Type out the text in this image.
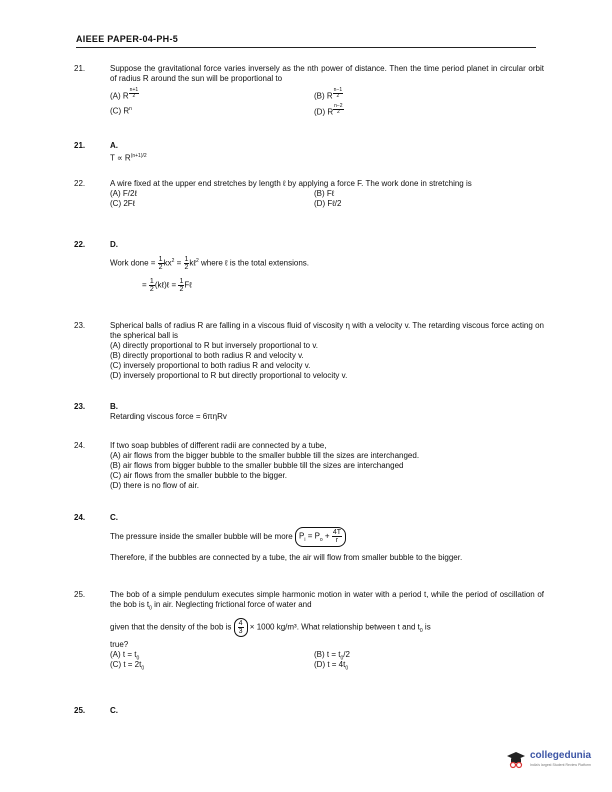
AIEEE PAPER-04-PH-5
21.	Suppose the gravitational force varies inversely as the nth power of distance. Then the time period planet in circular orbit of radius R around the sun will be proportional to
(A) R $^{\frac{n+1}{2}}$	(B) R $^{\frac{n-1}{2}}$
(C) $R^n$	(D) R $^{\frac{n-2}{2}}$
21.	A.
$T \propto R^{(n+1)/2}$
22.	A wire fixed at the upper end stretches by length ℓ by applying a force F. The work done in stretching is
(A) F/2ℓ	(B) Fℓ
(C) 2Fℓ	(D) Fℓ/2
22.	D.
Work done = $\frac{1}{2} kx^2 = \frac{1}{2}$ kℓ$^2$ where ℓ is the total extensions.
= $\frac{1}{2}$ (kℓ)ℓ = $\frac{1}{2}$ Fℓ
23.	Spherical balls of radius R are falling in a viscous fluid of viscosity η with a velocity v. The retarding viscous force acting on the spherical ball is
(A) directly proportional to R but inversely proportional to v.
(B) directly proportional to both radius R and velocity v.
(C) inversely proportional to both radius R and velocity v.
(D) inversely proportional to R but directly proportional to velocity v.
23.	B.
Retarding viscous force = 6πηRv
24.	If two soap bubbles of different radii are connected by a tube,
(A) air flows from the bigger bubble to the smaller bubble till the sizes are interchanged.
(B) air flows from bigger bubble to the smaller bubble till the sizes are interchanged
(C) air flows from the smaller bubble to the bigger.
(D) there is no flow of air.
24.	C.
The pressure inside the smaller bubble will be more $P_i = P_o + \frac{4T}{r}$
Therefore, if the bubbles are connected by a tube, the air will flow from smaller bubble to the bigger.
25.	The bob of a simple pendulum executes simple harmonic motion in water with a period t, while the period of oscillation of the bob is $t_0$ in air. Neglecting frictional force of water and
given that the density of the bob is $\frac{4}{3} \times 1000$ kg/m³. What relationship between t and $t_0$ is
true?
(A) $t = t_0$	(B) $t = t_0/2$
(C) $t = 2t_0$	(D) $t = 4t_0$
25.	C.
collegedunia
India's largest Student Review Platform
